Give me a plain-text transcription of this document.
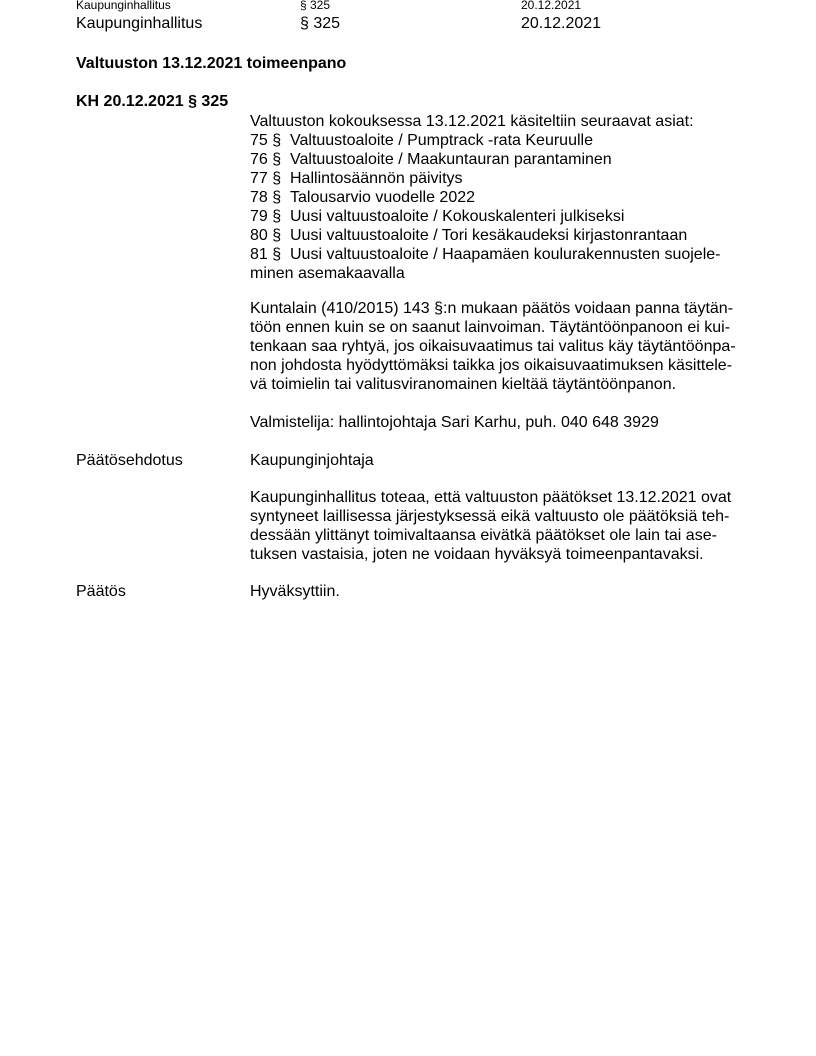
Kaupunginhallitus	§ 325	20.12.2021
Kaupunginhallitus	§ 325	20.12.2021
Valtuuston 13.12.2021 toimeenpano
KH 20.12.2021 § 325
Valtuuston kokouksessa 13.12.2021 käsiteltiin seuraavat asiat:
75 § Valtuustoaloite / Pumptrack -rata Keuruulle
76 § Valtuustoaloite / Maakuntauran parantaminen
77 § Hallintosäännön päivitys
78 § Talousarvio vuodelle 2022
79 § Uusi valtuustoaloite / Kokouskalenteri julkiseksi
80 § Uusi valtuustoaloite / Tori kesäkaudeksi kirjastonrantaan
81 § Uusi valtuustoaloite / Haapamäen koulurakennusten suojele-
minen asemakaavalla
Kuntalain (410/2015) 143 §:n mukaan päätös voidaan panna täytän-
töön ennen kuin se on saanut lainvoiman. Täytäntöönpanoon ei kui-
tenkaan saa ryhtyä, jos oikaisuvaatimus tai valitus käy täytäntöönpa-
non johdosta hyödyttömäksi taikka jos oikaisuvaatimuksen käsittele-
vä toimielin tai valitusviranomainen kieltää täytäntöönpanon.
Valmistelija: hallintojohtaja Sari Karhu, puh. 040 648 3929
Päätösehdotus	Kaupunginjohtaja
Kaupunginhallitus toteaa, että valtuuston päätökset 13.12.2021 ovat
syntyneet laillisessa järjestyksessä eikä valtuusto ole päätöksiä teh-
dessään ylittänyt toimivaltaansa eivätkä päätökset ole lain tai ase-
tuksen vastaisia, joten ne voidaan hyväksyä toimeenpantavaksi.
Päätös	Hyväksyttiin.
